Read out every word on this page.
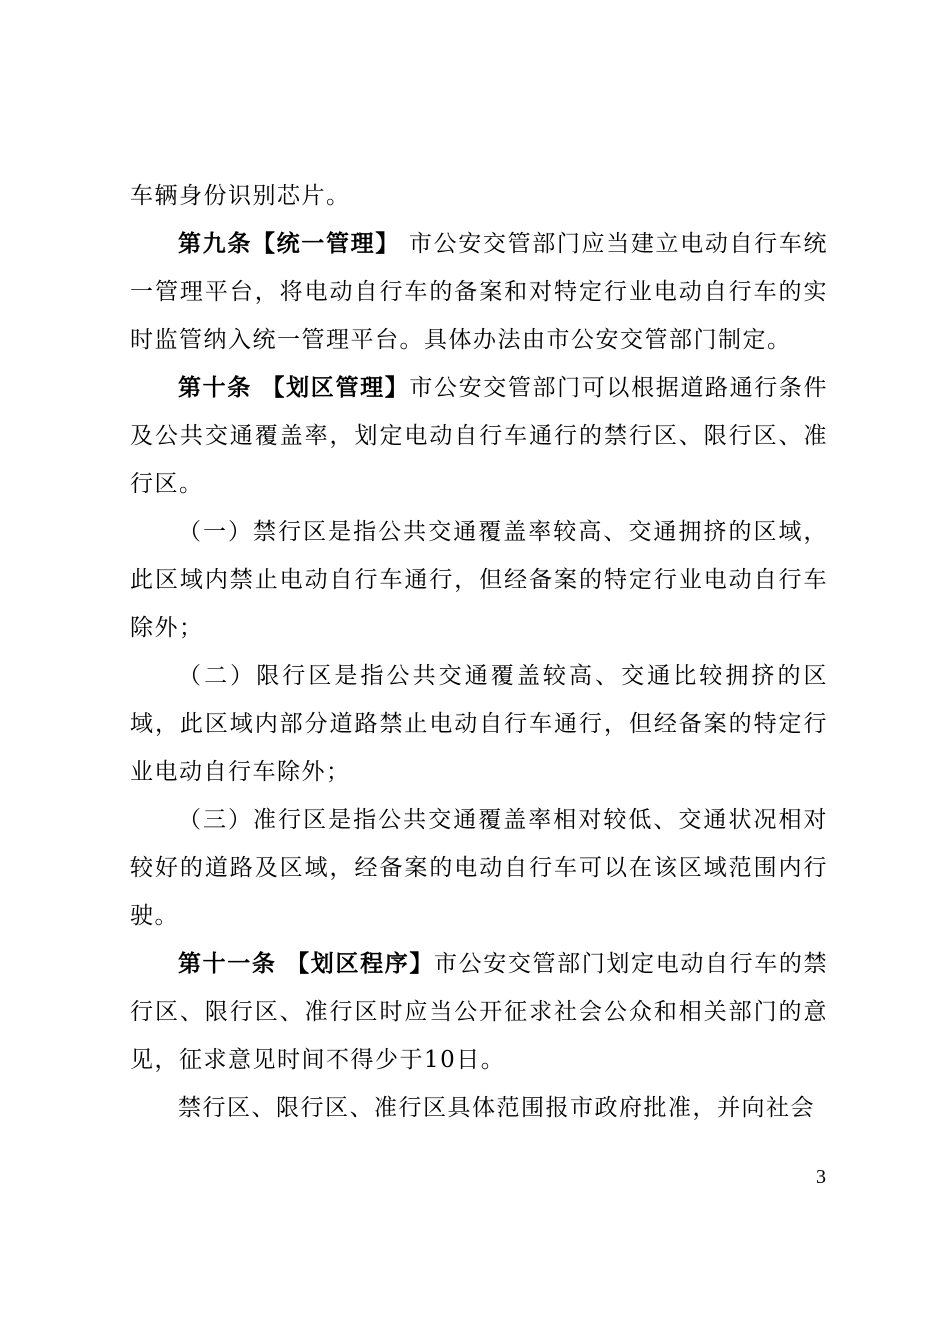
车辆身份识别芯片。

第九条【统一管理】 市公安交管部门应当建立电动自行车统一管理平台，将电动自行车的备案和对特定行业电动自行车的实时监管纳入统一管理平台。具体办法由市公安交管部门制定。

第十条 【划区管理】市公安交管部门可以根据道路通行条件及公共交通覆盖率，划定电动自行车通行的禁行区、限行区、准行区。

（一）禁行区是指公共交通覆盖率较高、交通拥挤的区域，此区域内禁止电动自行车通行，但经备案的特定行业电动自行车除外；

（二）限行区是指公共交通覆盖较高、交通比较拥挤的区域，此区域内部分道路禁止电动自行车通行，但经备案的特定行业电动自行车除外；

（三）准行区是指公共交通覆盖率相对较低、交通状况相对较好的道路及区域，经备案的电动自行车可以在该区域范围内行驶。

第十一条 【划区程序】市公安交管部门划定电动自行车的禁行区、限行区、准行区时应当公开征求社会公众和相关部门的意见，征求意见时间不得少于10日。

禁行区、限行区、准行区具体范围报市政府批准，并向社会

3
